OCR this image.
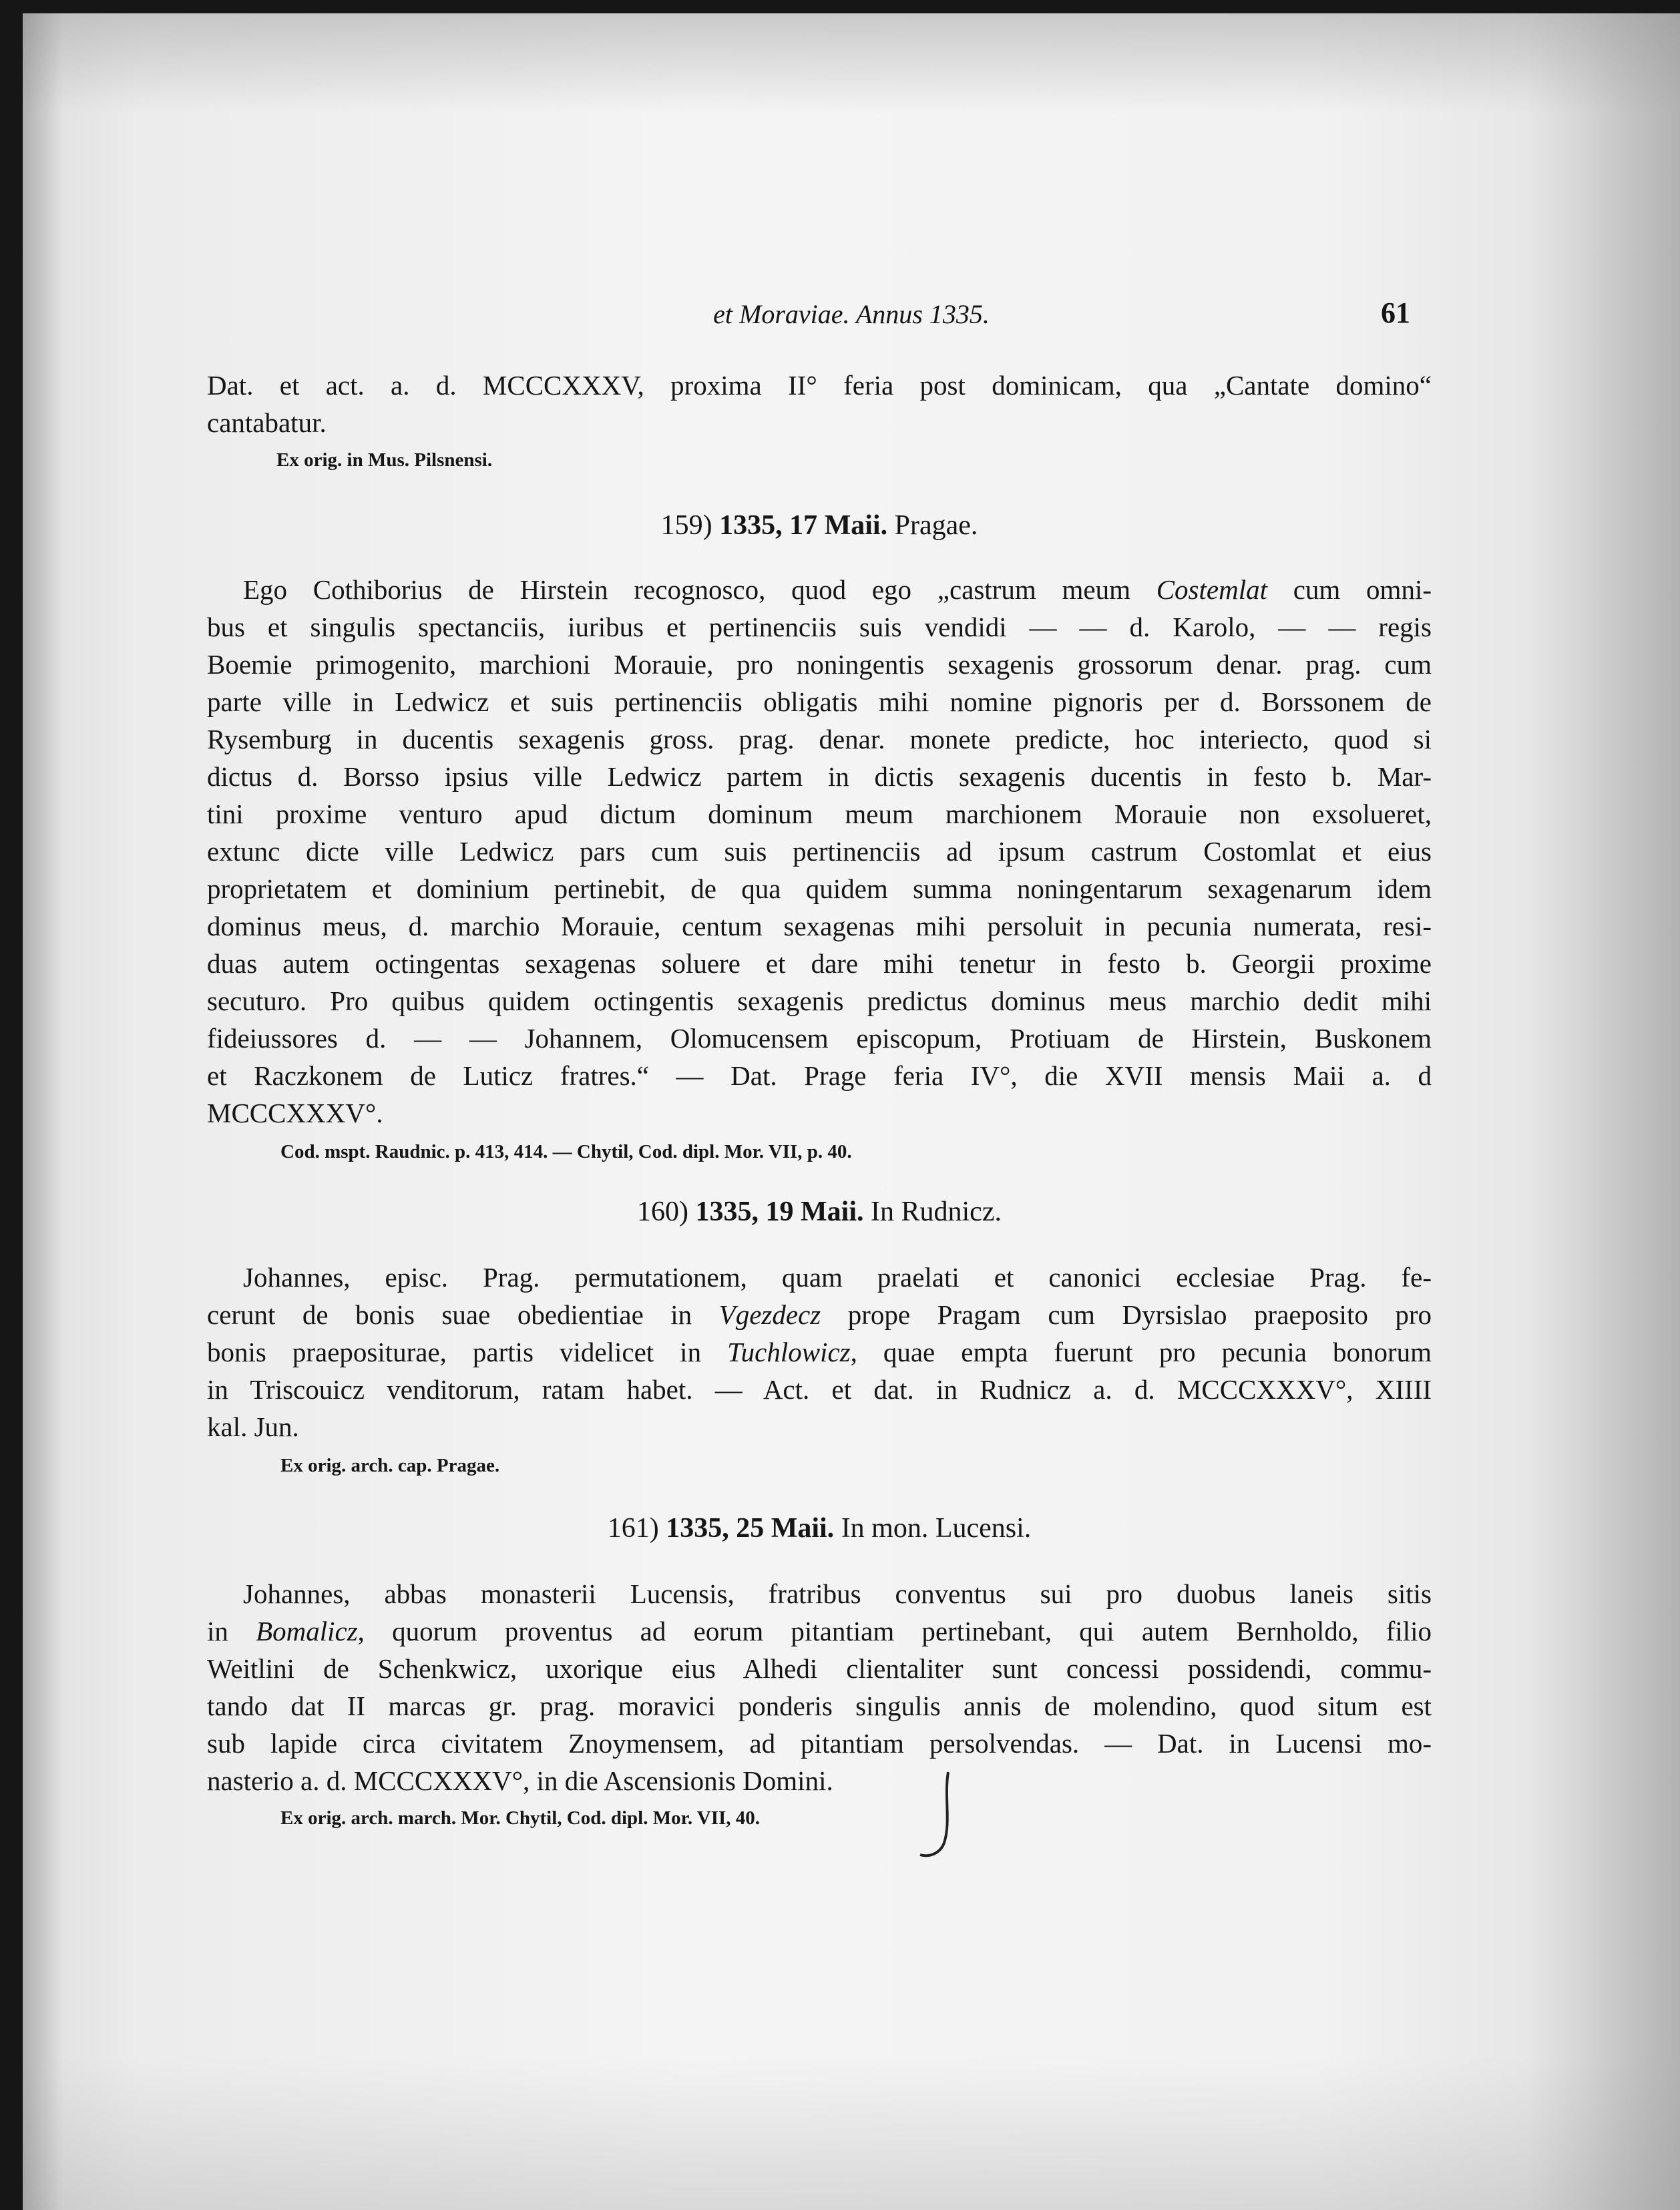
et Moraviae. Annus 1335.	61
Dat. et act. a. d. MCCCXXXV, proxima II° feria post dominicam, qua „Cantate domino“
cantabatur.
Ex orig. in Mus. Pilsnensi.
159) 1335, 17 Maii. Pragae.
Ego Cothiborius de Hirstein recognosco, quod ego „castrum meum Costemlat cum omni-
bus et singulis spectanciis, iuribus et pertinenciis suis vendidi — — d. Karolo, — — regis
Boemie primogenito, marchioni Morauie, pro noningentis sexagenis grossorum denar. prag. cum
parte ville in Ledwicz et suis pertinenciis obligatis mihi nomine pignoris per d. Borssonem de
Rysemburg in ducentis sexagenis gross. prag. denar. monete predicte, hoc interiecto, quod si
dictus d. Borsso ipsius ville Ledwicz partem in dictis sexagenis ducentis in festo b. Mar-
tini proxime venturo apud dictum dominum meum marchionem Morauie non exsolueret,
extunc dicte ville Ledwicz pars cum suis pertinenciis ad ipsum castrum Costomlat et eius
proprietatem et dominium pertinebit, de qua quidem summa noningentarum sexagenarum idem
dominus meus, d. marchio Morauie, centum sexagenas mihi persoluit in pecunia numerata, resi-
duas autem octingentas sexagenas soluere et dare mihi tenetur in festo b. Georgii proxime
secuturo. Pro quibus quidem octingentis sexagenis predictus dominus meus marchio dedit mihi
fideiussores d. — — Johannem, Olomucensem episcopum, Protiuam de Hirstein, Buskonem
et Raczkonem de Luticz fratres.“ — Dat. Prage feria IV°, die XVII mensis Maii a. d
MCCCXXXV°.
Cod. mspt. Raudnic. p. 413, 414. — Chytil, Cod. dipl. Mor. VII, p. 40.
160) 1335, 19 Maii. In Rudnicz.
Johannes, episc. Prag. permutationem, quam praelati et canonici ecclesiae Prag. fe-
cerunt de bonis suae obedientiae in Vgezdecz prope Pragam cum Dyrsislao praeposito pro
bonis praepositurae, partis videlicet in Tuchlowicz, quae empta fuerunt pro pecunia bonorum
in Triscouicz venditorum, ratam habet. — Act. et dat. in Rudnicz a. d. MCCCXXXV°, XIIII
kal. Jun.
Ex orig. arch. cap. Pragae.
161) 1335, 25 Maii. In mon. Lucensi.
Johannes, abbas monasterii Lucensis, fratribus conventus sui pro duobus laneis sitis
in Bomalicz, quorum proventus ad eorum pitantiam pertinebant, qui autem Bernholdo, filio
Weitlini de Schenkwicz, uxorique eius Alhedi clientaliter sunt concessi possidendi, commu-
tando dat II marcas gr. prag. moravici ponderis singulis annis de molendino, quod situm est
sub lapide circa civitatem Znoymensem, ad pitantiam persolvendas. — Dat. in Lucensi mo-
nasterio a. d. MCCCXXXV°, in die Ascensionis Domini.
Ex orig. arch. march. Mor. Chytil, Cod. dipl. Mor. VII, 40.
